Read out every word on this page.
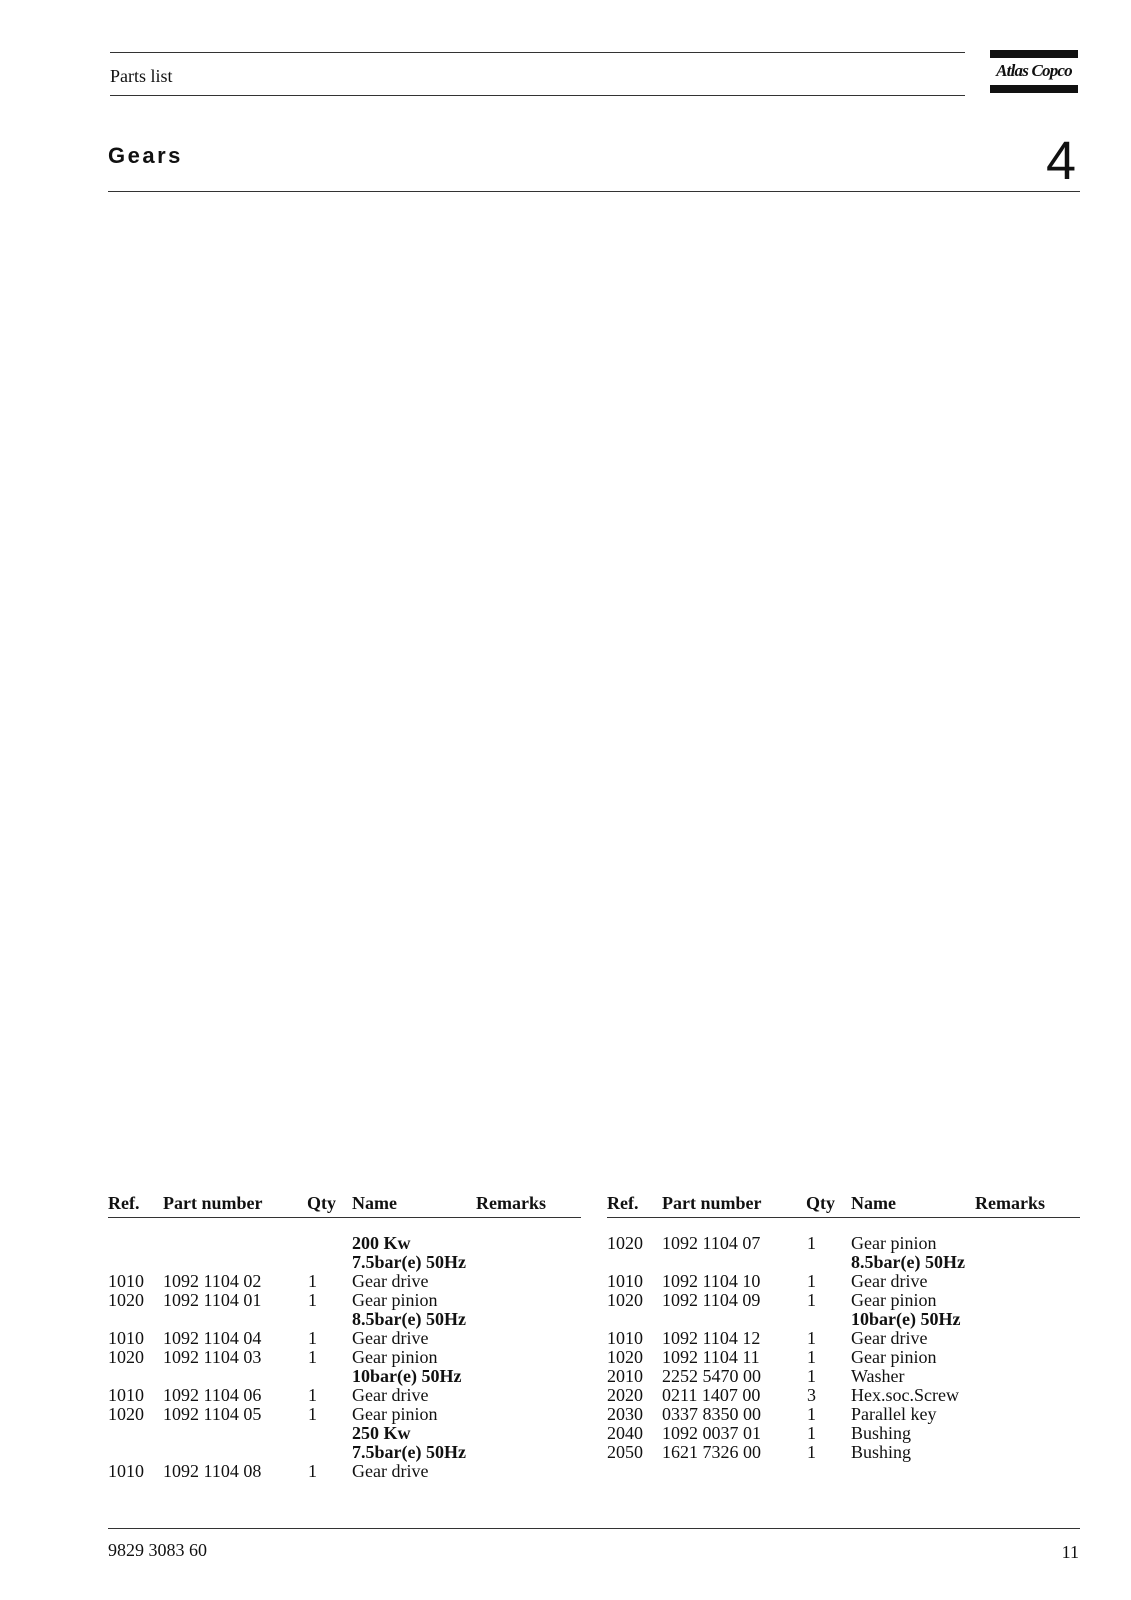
Parts list	Atlas Copco
Gears	4
Ref. Part number Qty Name	Remarks
200 Kw
7.5bar(e) 50Hz
1010 1092 1104 02	1 Gear drive
1020 1092 1104 01	1 Gear pinion
8.5bar(e) 50Hz
1010 1092 1104 04	1 Gear drive
1020 1092 1104 03	1 Gear pinion
10bar(e) 50Hz
1010 1092 1104 06	1 Gear drive
1020 1092 1104 05	1 Gear pinion
250 Kw
7.5bar(e) 50Hz
1010 1092 1104 08	1 Gear drive
Ref. Part number Qty Name	Remarks
1020 1092 1104 07	1 Gear pinion
8.5bar(e) 50Hz
1010 1092 1104 10	1 Gear drive
1020 1092 1104 09	1 Gear pinion
10bar(e) 50Hz
1010 1092 1104 12	1 Gear drive
1020 1092 1104 11	1 Gear pinion
2010 2252 5470 00	1 Washer
2020 0211 1407 00	3 Hex.soc.Screw
2030 0337 8350 00	1 Parallel key
2040 1092 0037 01	1 Bushing
2050 1621 7326 00	1 Bushing
9829 3083 60	11
